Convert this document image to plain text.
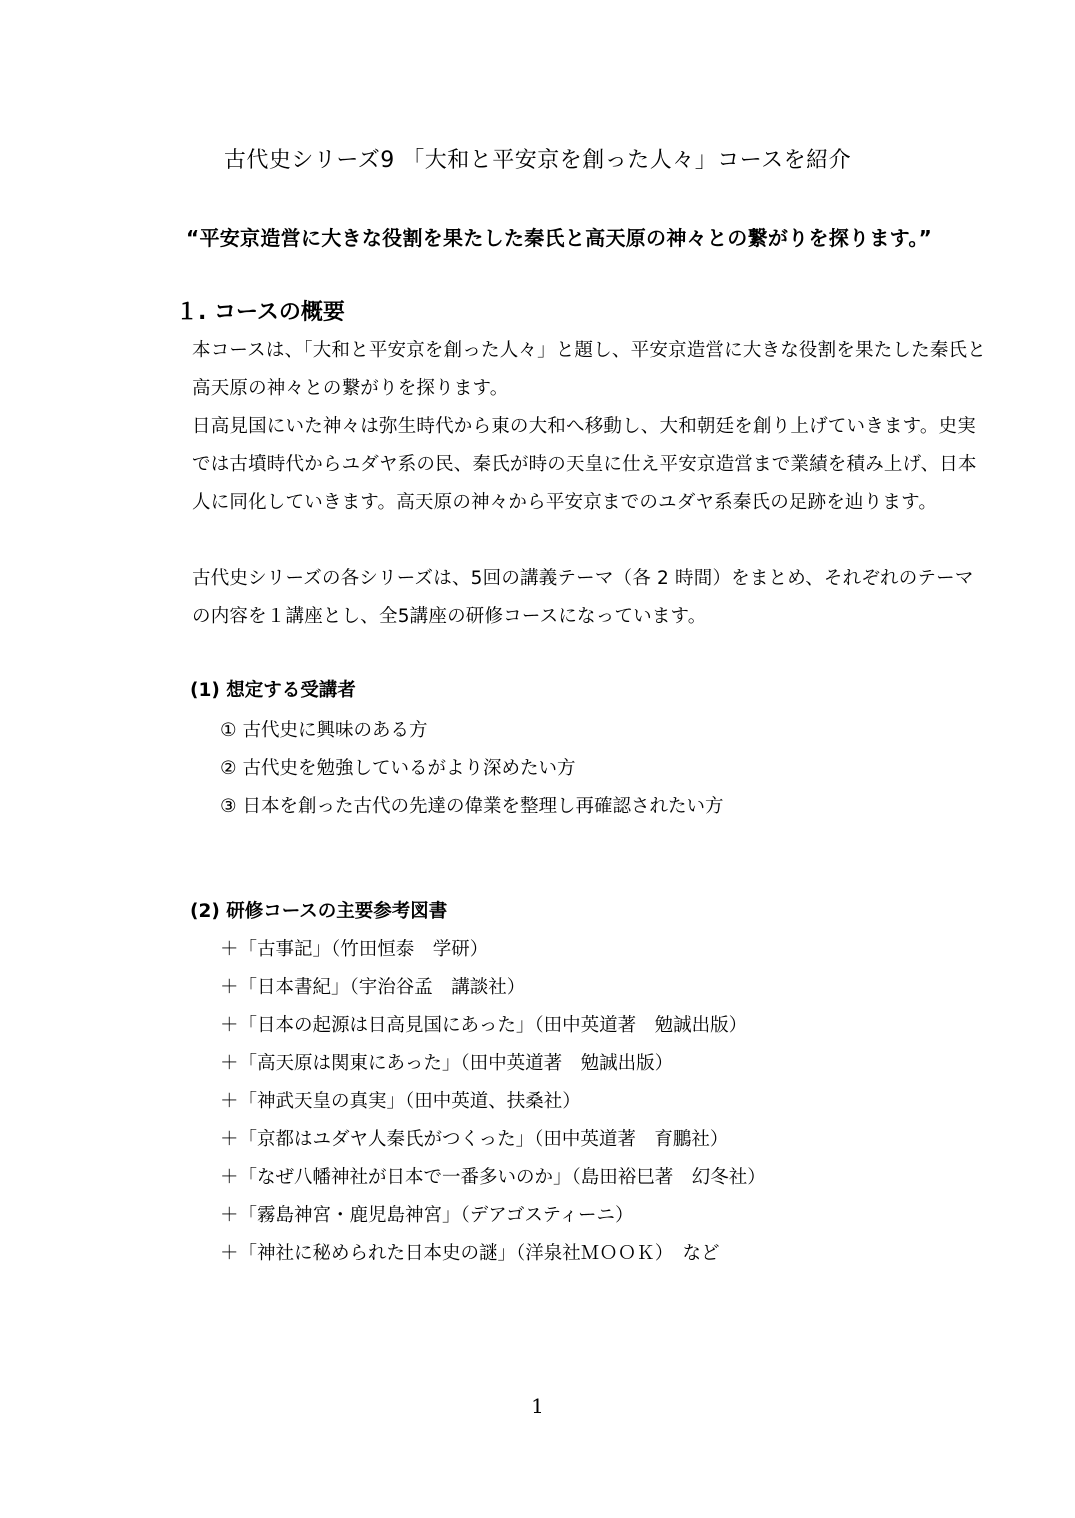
古代史シリーズ9 「大和と平安京を創った人々」コースを紹介
“平安京造営に大きな役割を果たした秦氏と高天原の神々との繋がりを探ります。”
１. コースの概要

本コースは、「大和と平安京を創った人々」と題し、平安京造営に大きな役割を果たした秦氏と高天原の神々との繋がりを探ります。

日高見国にいた神々は弥生時代から東の大和へ移動し、大和朝廷を創り上げていきます。史実では古墳時代からユダヤ系の民、秦氏が時の天皇に仕え平安京造営まで業績を積み上げ、日本人に同化していきます。高天原の神々から平安京までのユダヤ系秦氏の足跡を辿ります。

古代史シリーズの各シリーズは、5回の講義テーマ（各 2 時間）をまとめ、それぞれのテーマの内容を１講座とし、全5講座の研修コースになっています。

(1) 想定する受講者
① 古代史に興味のある方
② 古代史を勉強しているがより深めたい方
③ 日本を創った古代の先達の偉業を整理し再確認されたい方
(2) 研修コースの主要参考図書
＋「古事記」（竹田恒泰　学研）
＋「日本書紀」（宇治谷孟　講談社）
＋「日本の起源は日高見国にあった」（田中英道著　勉誠出版）
＋「高天原は関東にあった」（田中英道著　勉誠出版）
＋「神武天皇の真実」（田中英道、扶桑社）
＋「京都はユダヤ人秦氏がつくった」（田中英道著　育鵬社）
＋「なぜ八幡神社が日本で一番多いのか」（島田裕巳著　幻冬社）
＋「霧島神宮・鹿児島神宮」（デアゴスティーニ）
＋「神社に秘められた日本史の謎」（洋泉社ＭＯＯＫ）　など
1
